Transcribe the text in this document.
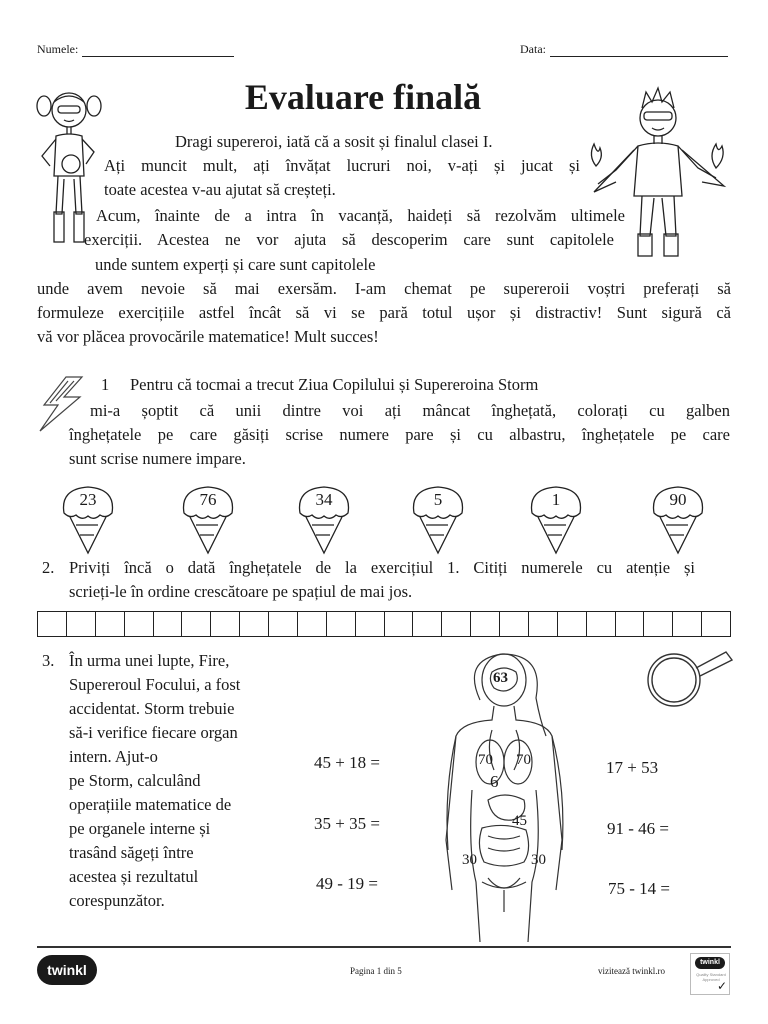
Numele:	Data:
Evaluare finală
Dragi supereroi, iată că a sosit și finalul clasei I.
Ați muncit mult, ați învățat lucruri noi, v-ați și jucat și
toate acestea v-au ajutat să creșteți.
Acum, înainte de a intra în vacanță, haideți să rezolvăm ultimele
exerciții. Acestea ne vor ajuta să descoperim care sunt capitolele
unde suntem experți și care sunt capitolele
unde avem nevoie să mai exersăm. I-am chemat pe supereroii voștri preferați să
formuleze exercițiile astfel încât să vi se pară totul ușor și distractiv! Sunt sigură că
vă vor plăcea provocările matematice! Mult succes!
1 Pentru că tocmai a trecut Ziua Copilului și Supereroina Storm
mi-a șoptit că unii dintre voi ați mâncat înghețată, colorați cu galben
înghețatele pe care găsiți scrise numere pare și cu albastru, înghețatele pe care
sunt scrise numere impare.
23	76	34	5	1	90
2. Priviți încă o dată înghețatele de la exercițiul 1. Citiți numerele cu atenție și
scrieți-le în ordine crescătoare pe spațiul de mai jos.
3. În urma unei lupte, Fire,
Supereroul Focului, a fost
accidentat. Storm trebuie
să-i verifice fiecare organ
intern. Ajut-o
pe Storm, calculând
operațiile matematice de
pe organele interne și
trasând săgeți între
acestea și rezultatul
corespunzător.
63
70 70
6
45
30	30
45 + 18 =
35 + 35 =
49 - 19 =
17 + 53
91 - 46 =
75 - 14 =
twinkl	Pagina 1 din 5	vizitează twinkl.ro
twinkl
Quality Standard Approved
✓
